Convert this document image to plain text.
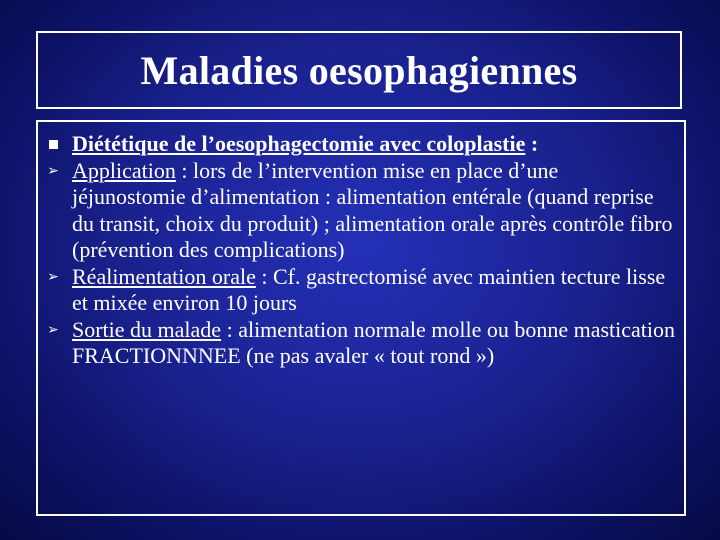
Maladies oesophagiennes
Diététique de l’oesophagectomie avec coloplastie :
➢ Application : lors de l’intervention mise en place d’une jéjunostomie d’alimentation : alimentation entérale (quand reprise du transit, choix du produit) ; alimentation orale après contrôle fibro (prévention des complications)
➢ Réalimentation orale : Cf. gastrectomisé avec maintien tecture lisse et mixée environ 10 jours
➢ Sortie du malade : alimentation normale molle ou bonne mastication FRACTIONNNEE (ne pas avaler « tout rond »)
